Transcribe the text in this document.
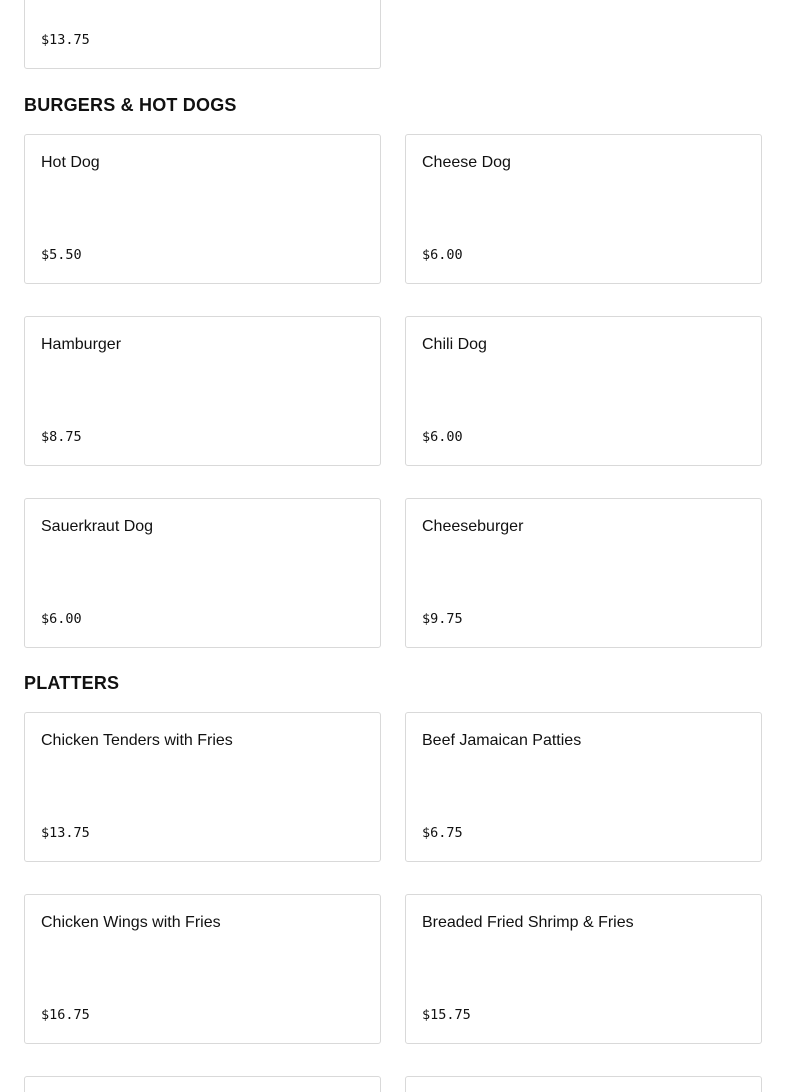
$13.75
BURGERS & HOT DOGS
Hot Dog
$5.50
Cheese Dog
$6.00
Hamburger
$8.75
Chili Dog
$6.00
Sauerkraut Dog
$6.00
Cheeseburger
$9.75
PLATTERS
Chicken Tenders with Fries
$13.75
Beef Jamaican Patties
$6.75
Chicken Wings with Fries
$16.75
Breaded Fried Shrimp & Fries
$15.75
